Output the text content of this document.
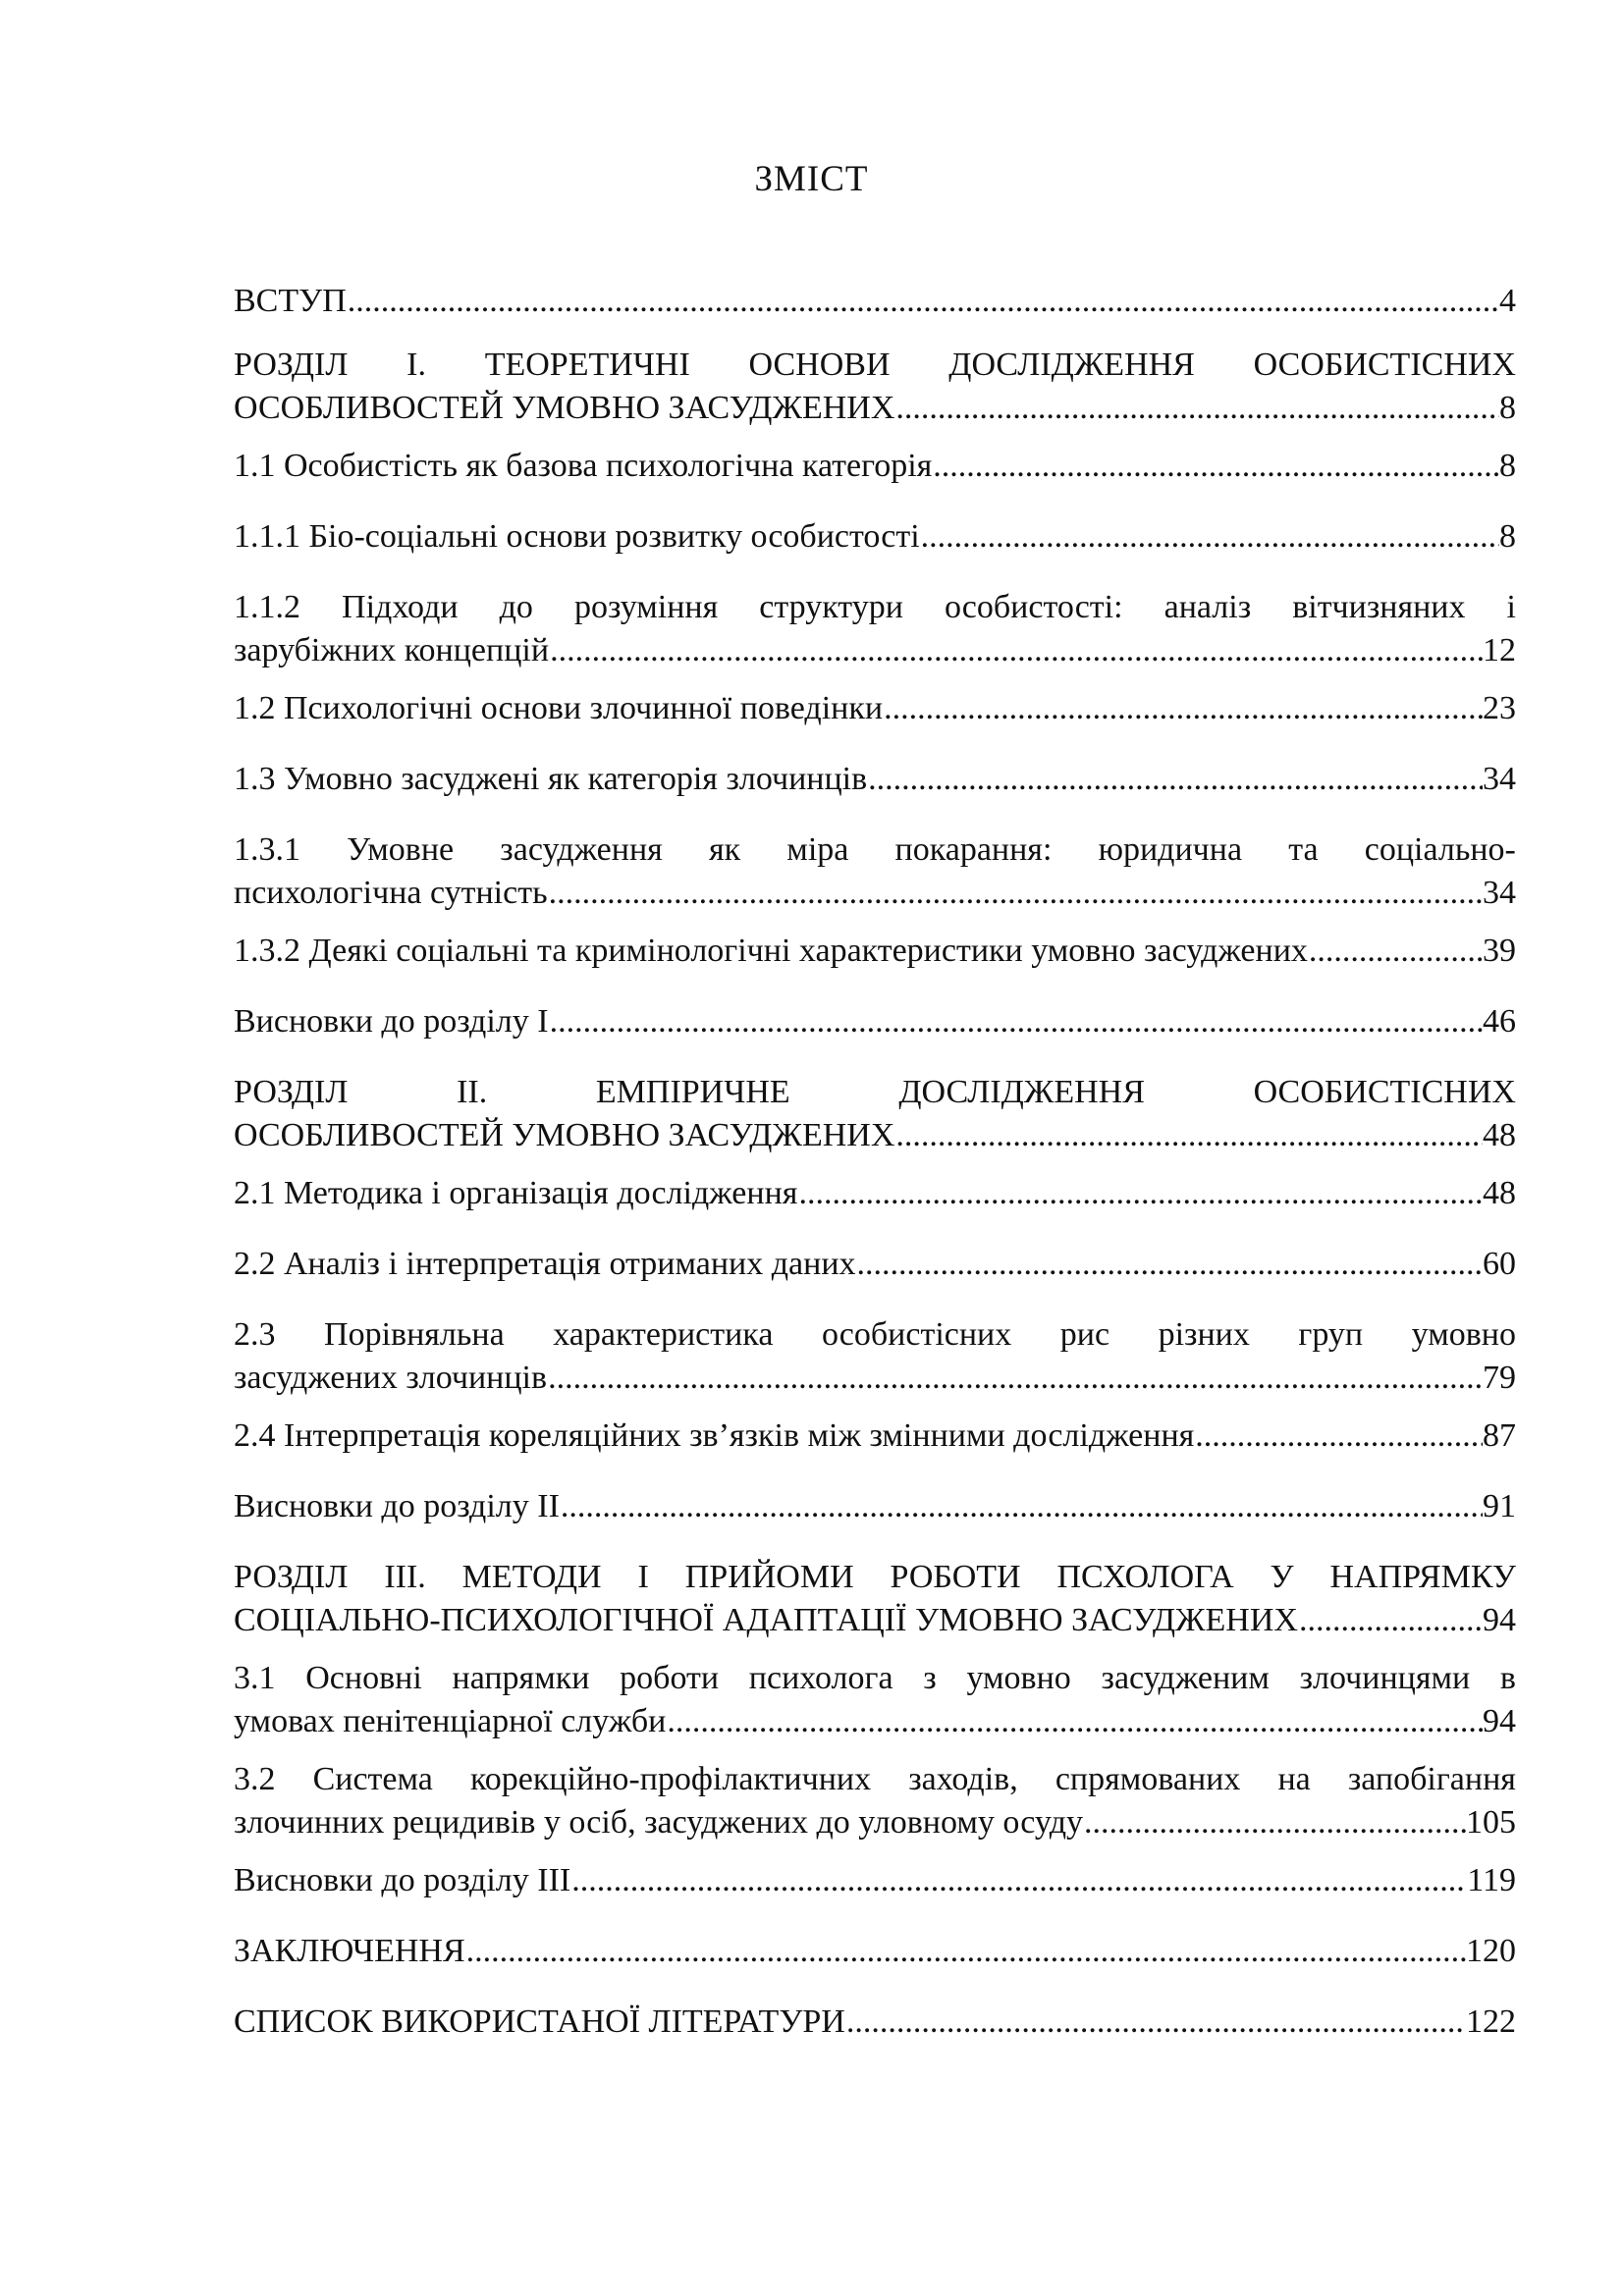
ЗМІСТ
ВСТУП .....	4
РОЗДІЛ І. ТЕОРЕТИЧНІ ОСНОВИ ДОСЛІДЖЕННЯ ОСОБИСТІСНИХ
ОСОБЛИВОСТЕЙ УМОВНО ЗАСУДЖЕНИХ .....	8
1.1 Особистість як базова психологічна категорія .....	8
1.1.1 Біо-соціальні основи розвитку особистості .....	8
1.1.2 Підходи до розуміння структури особистості: аналіз вітчизняних і
зарубіжних концепцій .....	12
1.2 Психологічні основи злочинної поведінки .....	23
1.3 Умовно засуджені як категорія злочинців .....	34
1.3.1 Умовне засудження як міра покарання: юридична та соціально-
психологічна сутність .....	34
1.3.2 Деякі соціальні та кримінологічні характеристики умовно засуджених .....	39
Висновки до розділу І .....	46
РОЗДІЛ	ІІ.	ЕМПІРИЧНЕ	ДОСЛІДЖЕННЯ	ОСОБИСТІСНИХ
ОСОБЛИВОСТЕЙ УМОВНО ЗАСУДЖЕНИХ .....	48
2.1 Методика і організація дослідження .....	48
2.2 Аналіз і інтерпретація отриманих даних .....	60
2.3 Порівняльна характеристика особистісних рис різних груп умовно
засуджених злочинців .....	79
2.4 Інтерпретація кореляційних зв’язків між змінними дослідження .....	87
Висновки до розділу ІІ .....	91
РОЗДІЛ ІІІ. МЕТОДИ І ПРИЙОМИ РОБОТИ ПСХОЛОГА У НАПРЯМКУ
СОЦІАЛЬНО-ПСИХОЛОГІЧНОЇ АДАПТАЦІЇ УМОВНО ЗАСУДЖЕНИХ .....	94
3.1 Основні напрямки роботи психолога з умовно засудженим злочинцями в
умовах пенітенціарної служби .....	94
3.2 Система корекційно-профілактичних заходів, спрямованих на запобігання
злочинних рецидивів у осіб, засуджених до уловному осуду .....	105
Висновки до розділу ІІІ .....	119
ЗАКЛЮЧЕННЯ .....	120
СПИСОК ВИКОРИСТАНОЇ ЛІТЕРАТУРИ .....	122
